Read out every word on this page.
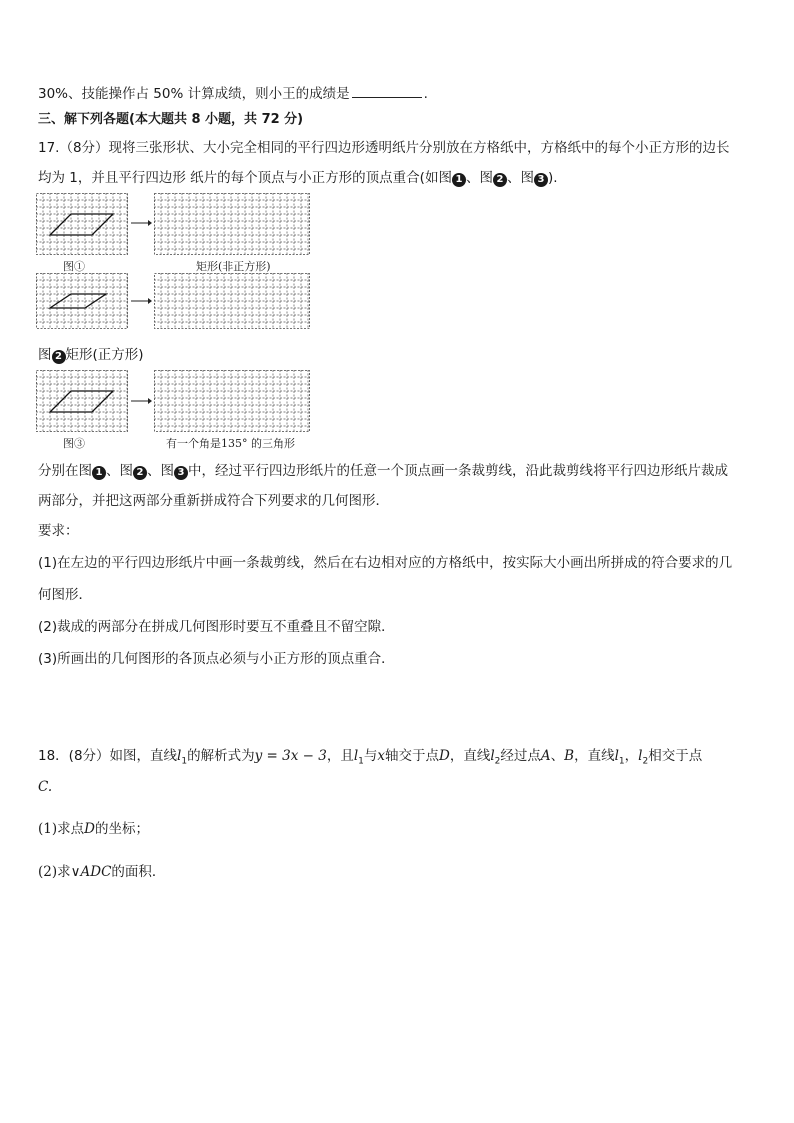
30%、技能操作占 50% 计算成绩，则小王的成绩是	.
三、解下列各题(本大题共 8 小题，共 72 分)
17.（8分）现将三张形状、大小完全相同的平行四边形透明纸片分别放在方格纸中，方格纸中的每个小正方形的边长
均为 1，并且平行四边形 纸片的每个顶点与小正方形的顶点重合(如图 1 、图 2 、图 3 ).
图①	矩形(非正方形)
图 2 矩形(正方形)
图③	有一个角是135° 的三角形
分别在图 1 、图 2 、图 3 中，经过平行四边形纸片的任意一个顶点画一条裁剪线，沿此裁剪线将平行四边形纸片裁成
两部分，并把这两部分重新拼成符合下列要求的几何图形．
要求：
(1)在左边的平行四边形纸片中画一条裁剪线，然后在右边相对应的方格纸中，按实际大小画出所拼成的符合要求的几
何图形．
(2)裁成的两部分在拼成几何图形时要互不重叠且不留空隙．
(3)所画出的几何图形的各顶点必须与小正方形的顶点重合．
18．(8分）如图，直线$l_1$的解析式为y = 3x − 3，且$l_1$与x轴交于点D，直线$l_2$经过点A、B，直线$l_1$，$l_2$相交于点
C.
(1)求点D的坐标；
(2)求∨ADC的面积．
